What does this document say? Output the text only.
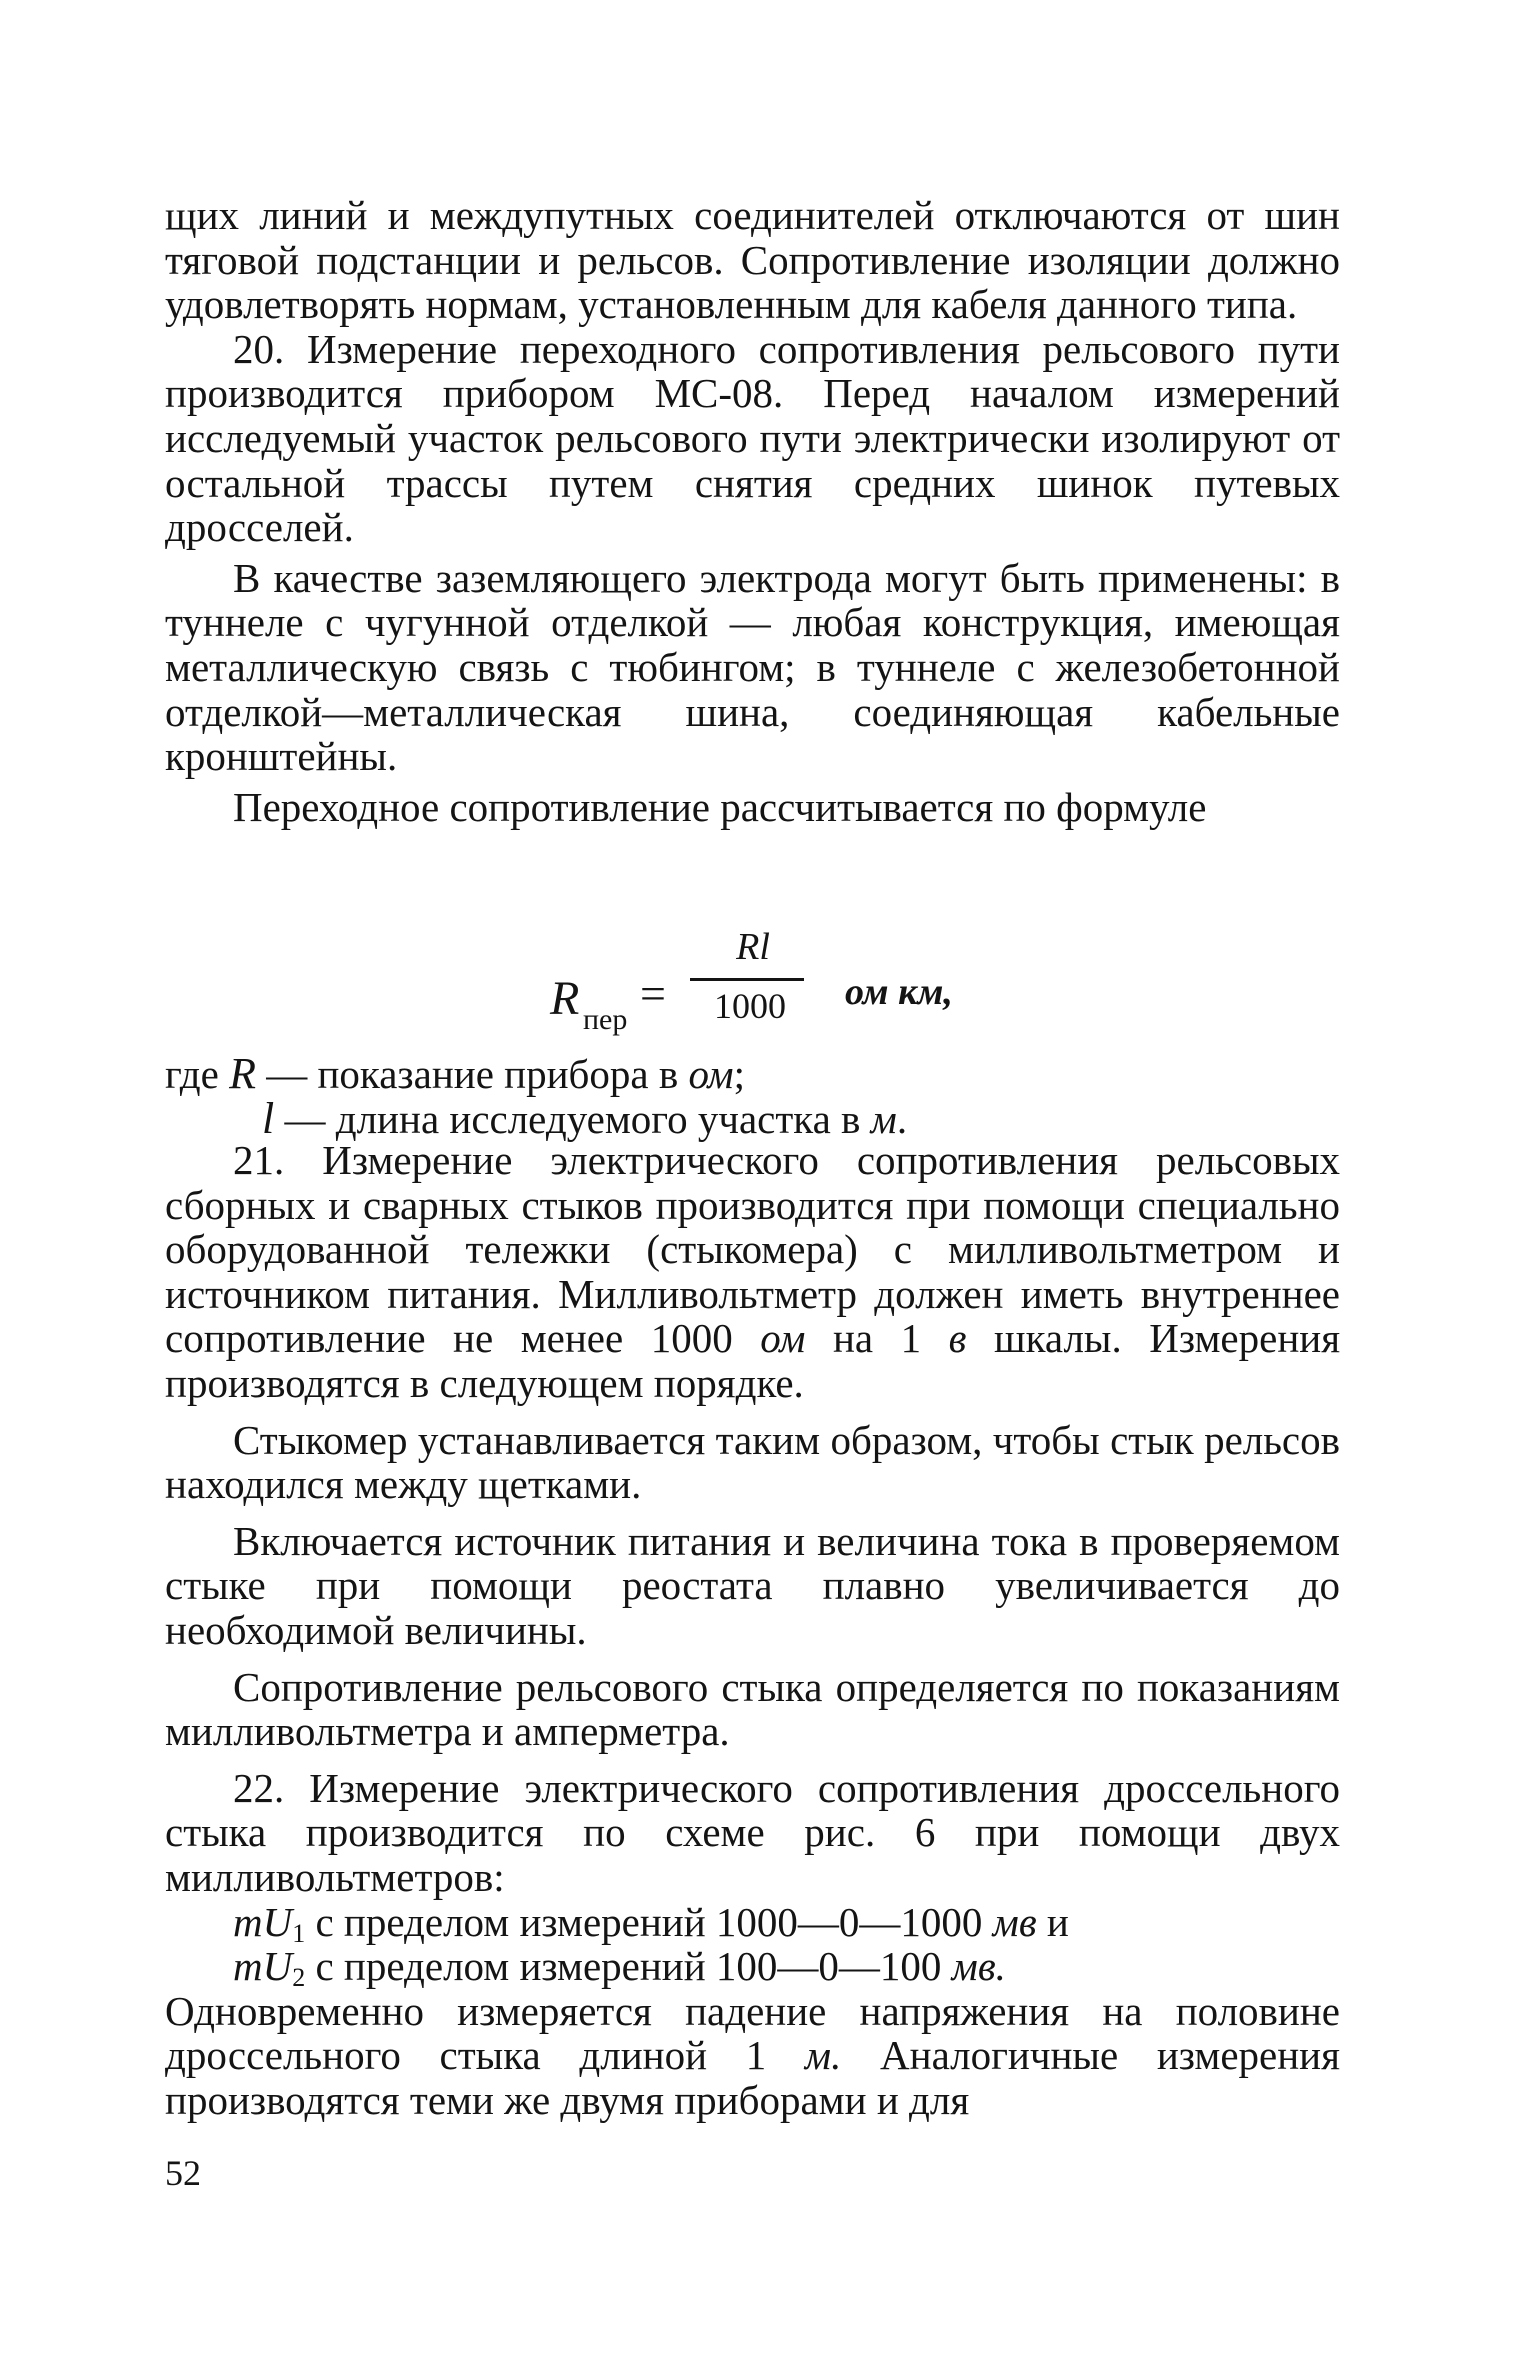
щих линий и междупутных соединителей отключаются от шин тяговой подстанции и рельсов. Сопротивление изоляции должно удовлетворять нормам, установленным для кабеля данного типа.

20. Измерение переходного сопротивления рельсового пути производится прибором МС-08. Перед началом измерений исследуемый участок рельсового пути электрически изолируют от остальной трассы путем снятия средних шинок путевых дросселей.

В качестве заземляющего электрода могут быть применены: в туннеле с чугунной отделкой — любая конструкция, имеющая металлическую связь с тюбингом; в туннеле с железобетонной отделкой—металлическая шина, соединяющая кабельные кронштейны.

Переходное сопротивление рассчитывается по формуле

R пер
=
Rl
1000	ом км,
где R — показание прибора в ом;
l — длина исследуемого участка в м.

21. Измерение электрического сопротивления рельсовых сборных и сварных стыков производится при помощи специально оборудованной тележки (стыкомера) с милливольтметром и источником питания. Милливольтметр должен иметь внутреннее сопротивление не менее 1000 ом на 1 в шкалы. Измерения производятся в следующем порядке.

Стыкомер устанавливается таким образом, чтобы стык рельсов находился между щетками.

Включается источник питания и величина тока в проверяемом стыке при помощи реостата плавно увеличивается до необходимой величины.

Сопротивление рельсового стыка определяется по показаниям милливольтметра и амперметра.

22. Измерение электрического сопротивления дроссельного стыка производится по схеме рис. 6 при помощи двух милливольтметров:

$mU_1$ с пределом измерений 1000—0—1000 мв и

$mU_2$ с пределом измерений 100—0—100 мв.

Одновременно измеряется падение напряжения на половине дроссельного стыка длиной 1 м. Аналогичные измерения производятся теми же двумя приборами и для

52
